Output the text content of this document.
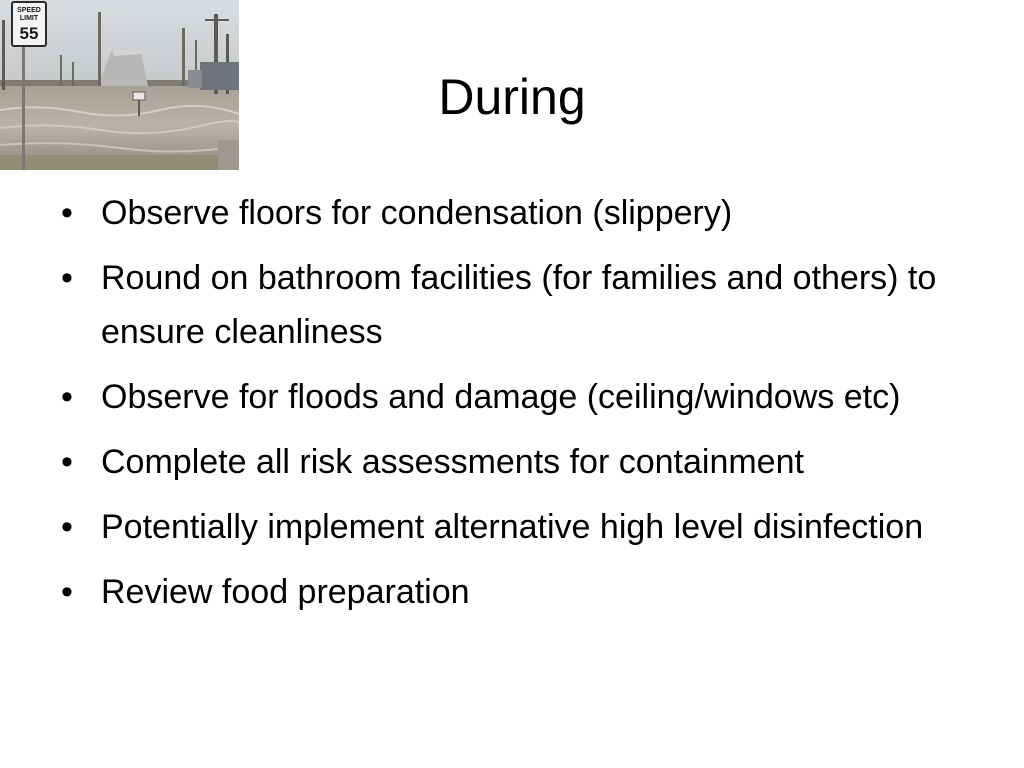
SPEED
LIMIT
55
During
• Observe floors for condensation (slippery)
• Round on bathroom facilities (for families and others) to ensure cleanliness
• Observe for floods and damage (ceiling/windows etc)
• Complete all risk assessments for containment
• Potentially implement alternative high level disinfection
• Review food preparation
